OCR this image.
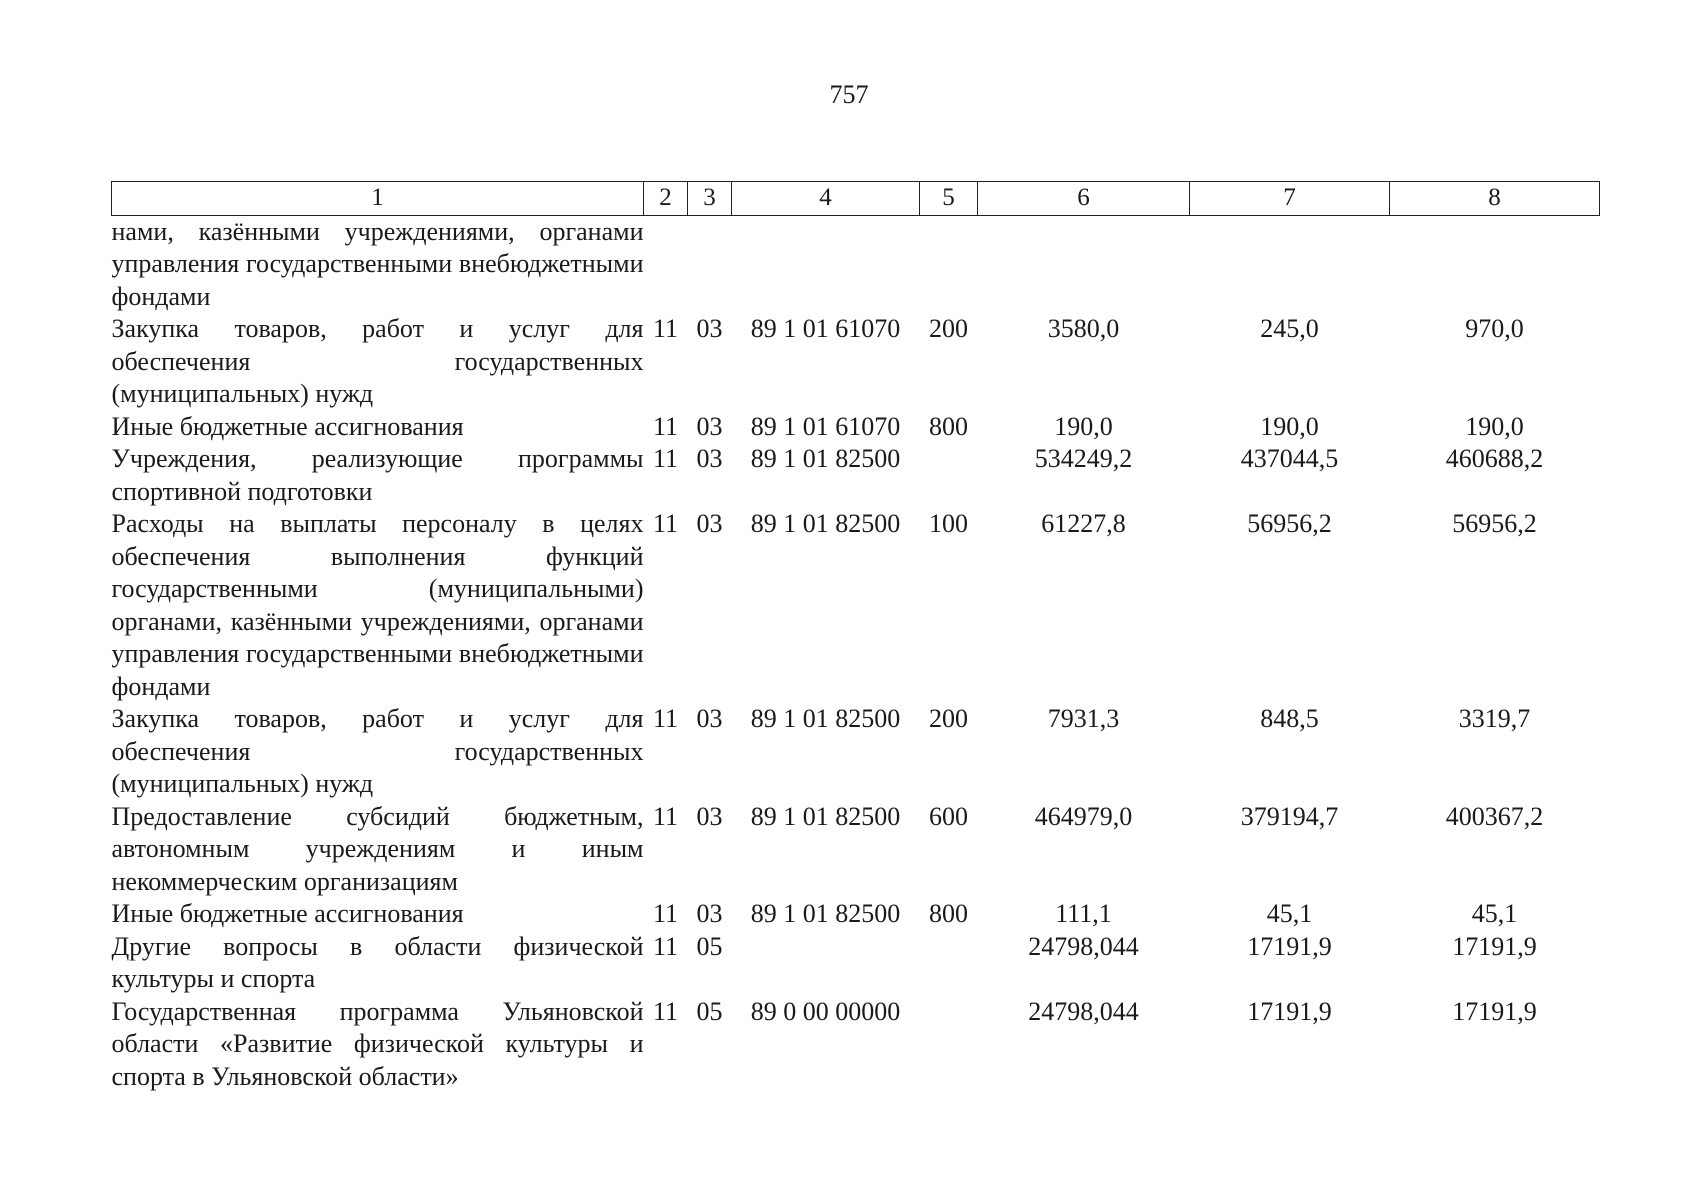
757
1	2	3	4	5	6	7	8
нами, казёнными учреждениями, органами управления государственными внебюджетными фондами							
Закупка товаров, работ и услуг для обеспечения государственных (муниципальных) нужд	11	03	89 1 01 61070	200	3580,0	245,0	970,0
Иные бюджетные ассигнования	11	03	89 1 01 61070	800	190,0	190,0	190,0
Учреждения, реализующие программы спортивной подготовки	11	03	89 1 01 82500		534249,2	437044,5	460688,2
Расходы на выплаты персоналу в целях обеспечения выполнения функций государственными (муниципальными) органами, казёнными учреждениями, органами управления государственными внебюджетными фондами	11	03	89 1 01 82500	100	61227,8	56956,2	56956,2
Закупка товаров, работ и услуг для обеспечения государственных (муниципальных) нужд	11	03	89 1 01 82500	200	7931,3	848,5	3319,7
Предоставление субсидий бюджетным, автономным учреждениям и иным некоммерческим организациям	11	03	89 1 01 82500	600	464979,0	379194,7	400367,2
Иные бюджетные ассигнования	11	03	89 1 01 82500	800	111,1	45,1	45,1
Другие вопросы в области физической культуры и спорта	11	05			24798,044	17191,9	17191,9
Государственная программа Ульяновской области «Развитие физической культуры и спорта в Ульяновской области»	11	05	89 0 00 00000		24798,044	17191,9	17191,9
